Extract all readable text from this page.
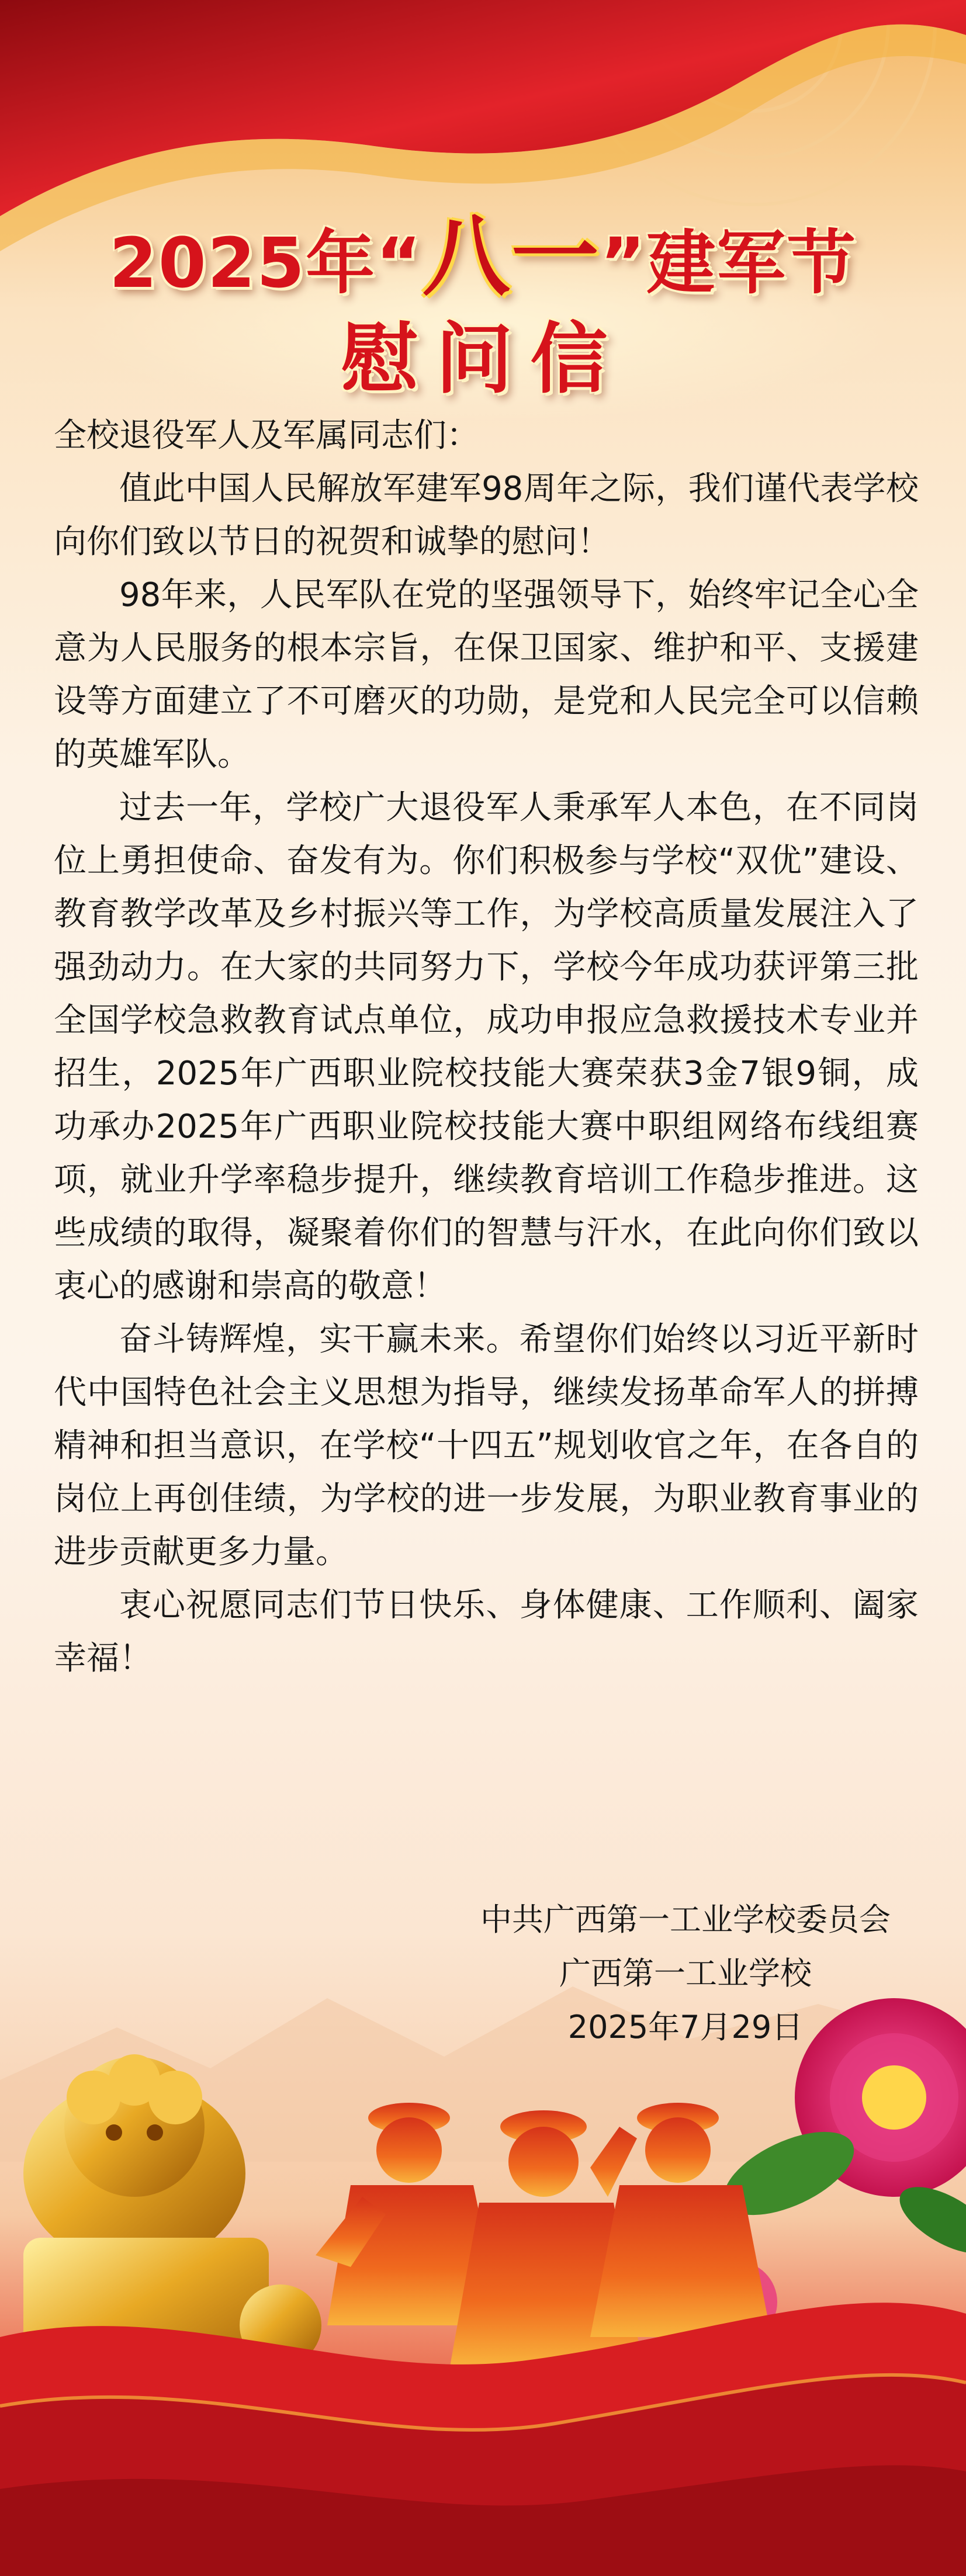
2025年“八一”建军节
慰问信

全校退役军人及军属同志们：

值此中国人民解放军建军98周年之际，我们谨代表学校向你们致以节日的祝贺和诚挚的慰问！

98年来，人民军队在党的坚强领导下，始终牢记全心全意为人民服务的根本宗旨，在保卫国家、维护和平、支援建设等方面建立了不可磨灭的功勋，是党和人民完全可以信赖的英雄军队。

过去一年，学校广大退役军人秉承军人本色，在不同岗位上勇担使命、奋发有为。你们积极参与学校“双优”建设、教育教学改革及乡村振兴等工作，为学校高质量发展注入了强劲动力。在大家的共同努力下，学校今年成功获评第三批全国学校急救教育试点单位，成功申报应急救援技术专业并招生，2025年广西职业院校技能大赛荣获3金7银9铜，成功承办2025年广西职业院校技能大赛中职组网络布线组赛项，就业升学率稳步提升，继续教育培训工作稳步推进。这些成绩的取得，凝聚着你们的智慧与汗水，在此向你们致以衷心的感谢和崇高的敬意！

奋斗铸辉煌，实干赢未来。希望你们始终以习近平新时代中国特色社会主义思想为指导，继续发扬革命军人的拼搏精神和担当意识，在学校“十四五”规划收官之年，在各自的岗位上再创佳绩，为学校的进一步发展，为职业教育事业的进步贡献更多力量。

衷心祝愿同志们节日快乐、身体健康、工作顺利、阖家幸福！

中共广西第一工业学校委员会
广西第一工业学校
2025年7月29日
